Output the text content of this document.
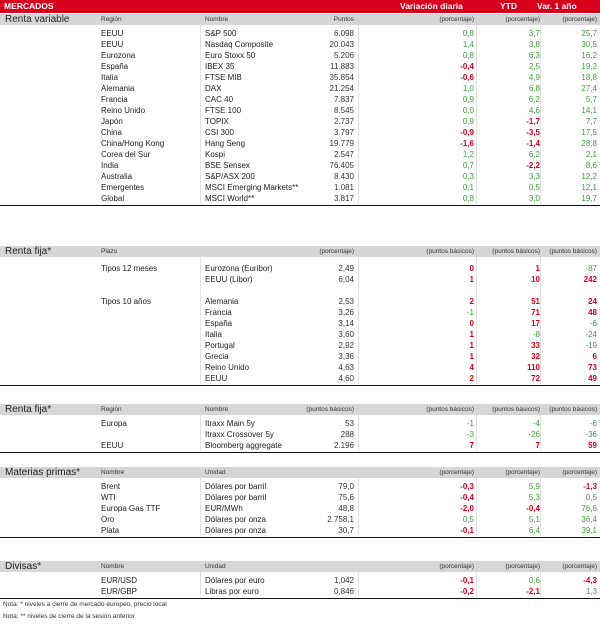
MERCADOS	Variación diaria	YTD Var. 1 año
Renta variable	Región	Nombre	Puntos	(porcentaje)	(porcentaje)	(porcentaje)
EEUU	S&P 500	6.098	0,8	3,7	25,7
EEUU	Nasdaq Composite	20.043	1,4	3,8	30,5
Eurozona	Euro Stoxx 50	5.206	0,8	6,3	16,2
España	IBEX 35	11.883	-0,4	2,5	19,2
Italia	FTSE MIB	35.854	-0,6	4,9	18,8
Alemania	DAX	21.254	1,0	6,8	27,4
Francia	CAC 40	7.837	0,9	6,2	5,7
Reino Unido	FTSE 100	8.545	0,0	4,6	14,1
Japón	TOPIX	2.737	0,9	-1,7	7,7
China	CSI 300	3.797	-0,9	-3,5	17,5
China/Hong Kong	Hang Seng	19.779	-1,6	-1,4	28,8
Corea del Sur	Kospi	2.547	1,2	6,2	2,1
India	BSE Sensex	76.405	0,7	-2,2	8,6
Australia	S&P/ASX 200	8.430	0,3	3,3	12,2
Emergentes	MSCI Emerging Markets**	1.081	0,1	0,5	12,1
Global	MSCI World**	3.817	0,8	3,0	19,7
Renta fija*	Plazo	(porcentaje)	(puntos básicos)	(puntos básicos)	(puntos básicos)
Tipos 12 meses	Eurozona (Euribor)	2,49	0	1	-87
EEUU (Libor)	6,04	1	10	242
Tipos 10 años	Alemania	2,53	2	51	24
Francia	3,26	-1	71	48
España	3,14	0	17	-6
Italia	3,60	1	-8	-24
Portugal	2,92	1	33	-19
Grecia	3,36	1	32	6
Reino Unido	4,63	4	110	73
EEUU	4,60	2	72	49
Renta fija*	Región	Nombre	(puntos básicos)	(puntos básicos)	(puntos básicos)	(puntos básicos)
Europa	Itraxx Main 5y	53	-1	-4	-6
Itraxx Crossover 5y	288	-3	-26	-36
EEUU	Bloomberg aggregate	2.196	7	7	59
Materias primas*	Nombre	Unidad	(porcentaje)	(porcentaje)	(porcentaje)
Brent	Dólares por barril	79,0	-0,3	5,9	-1,3
WTI	Dólares por barril	75,6	-0,4	5,3	0,5
Europa Gas TTF	EUR/MWh	48,8	-2,0	-0,4	76,6
Oro	Dólares por onza	2.758,1	0,5	5,1	36,4
Plata	Dólares por onza	30,7	-0,1	6,4	39,1
Divisas*	Nombre	Unidad	(porcentaje)	(porcentaje)	(porcentaje)
EUR/USD	Dólares por euro	1,042	-0,1	0,6	-4,3
EUR/GBP	Libras por euro	0,846	-0,2	-2,1	1,3
Nota: * niveles a cierre de mercado europeo, precio local
Nota: ** niveles de cierre de la sesión anterior
